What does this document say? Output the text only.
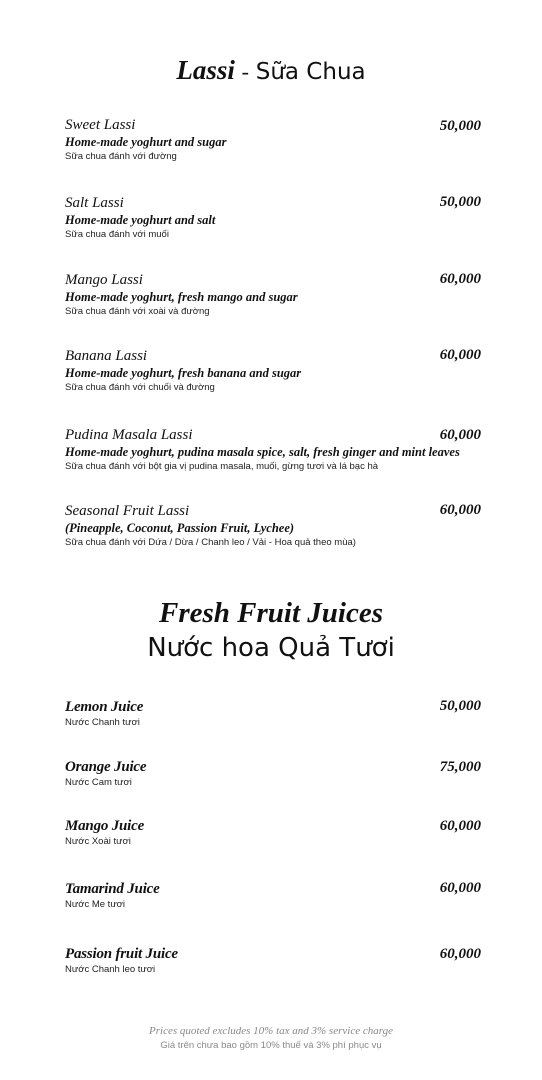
Lassi - Sữa Chua
Sweet Lassi
Home-made yoghurt and sugar
Sữa chua đánh với đường
50,000
Salt Lassi
Home-made yoghurt and salt
Sữa chua đánh với muối
50,000
Mango Lassi
Home-made yoghurt, fresh mango and sugar
Sữa chua đánh với xoài và đường
60,000
Banana Lassi
Home-made yoghurt, fresh banana and sugar
Sữa chua đánh với chuối và đường
60,000
Pudina Masala Lassi
Home-made yoghurt, pudina masala spice, salt, fresh ginger and mint leaves
Sữa chua đánh với bột gia vị pudina masala, muối, gừng tươi và lá bạc hà
60,000
Seasonal Fruit Lassi
(Pineapple, Coconut, Passion Fruit, Lychee)
Sữa chua đánh với Dứa / Dừa / Chanh leo / Vải - Hoa quả theo mùa)
60,000
Fresh Fruit Juices
Nước hoa Quả Tươi
Lemon Juice
Nước Chanh tươi
50,000
Orange Juice
Nước Cam tươi
75,000
Mango Juice
Nước Xoài tươi
60,000
Tamarind Juice
Nước Me tươi
60,000
Passion fruit Juice
Nước Chanh leo tươi
60,000
Prices quoted excludes 10% tax and 3% service charge
Giá trên chưa bao gồm 10% thuế và 3% phí phục vụ
